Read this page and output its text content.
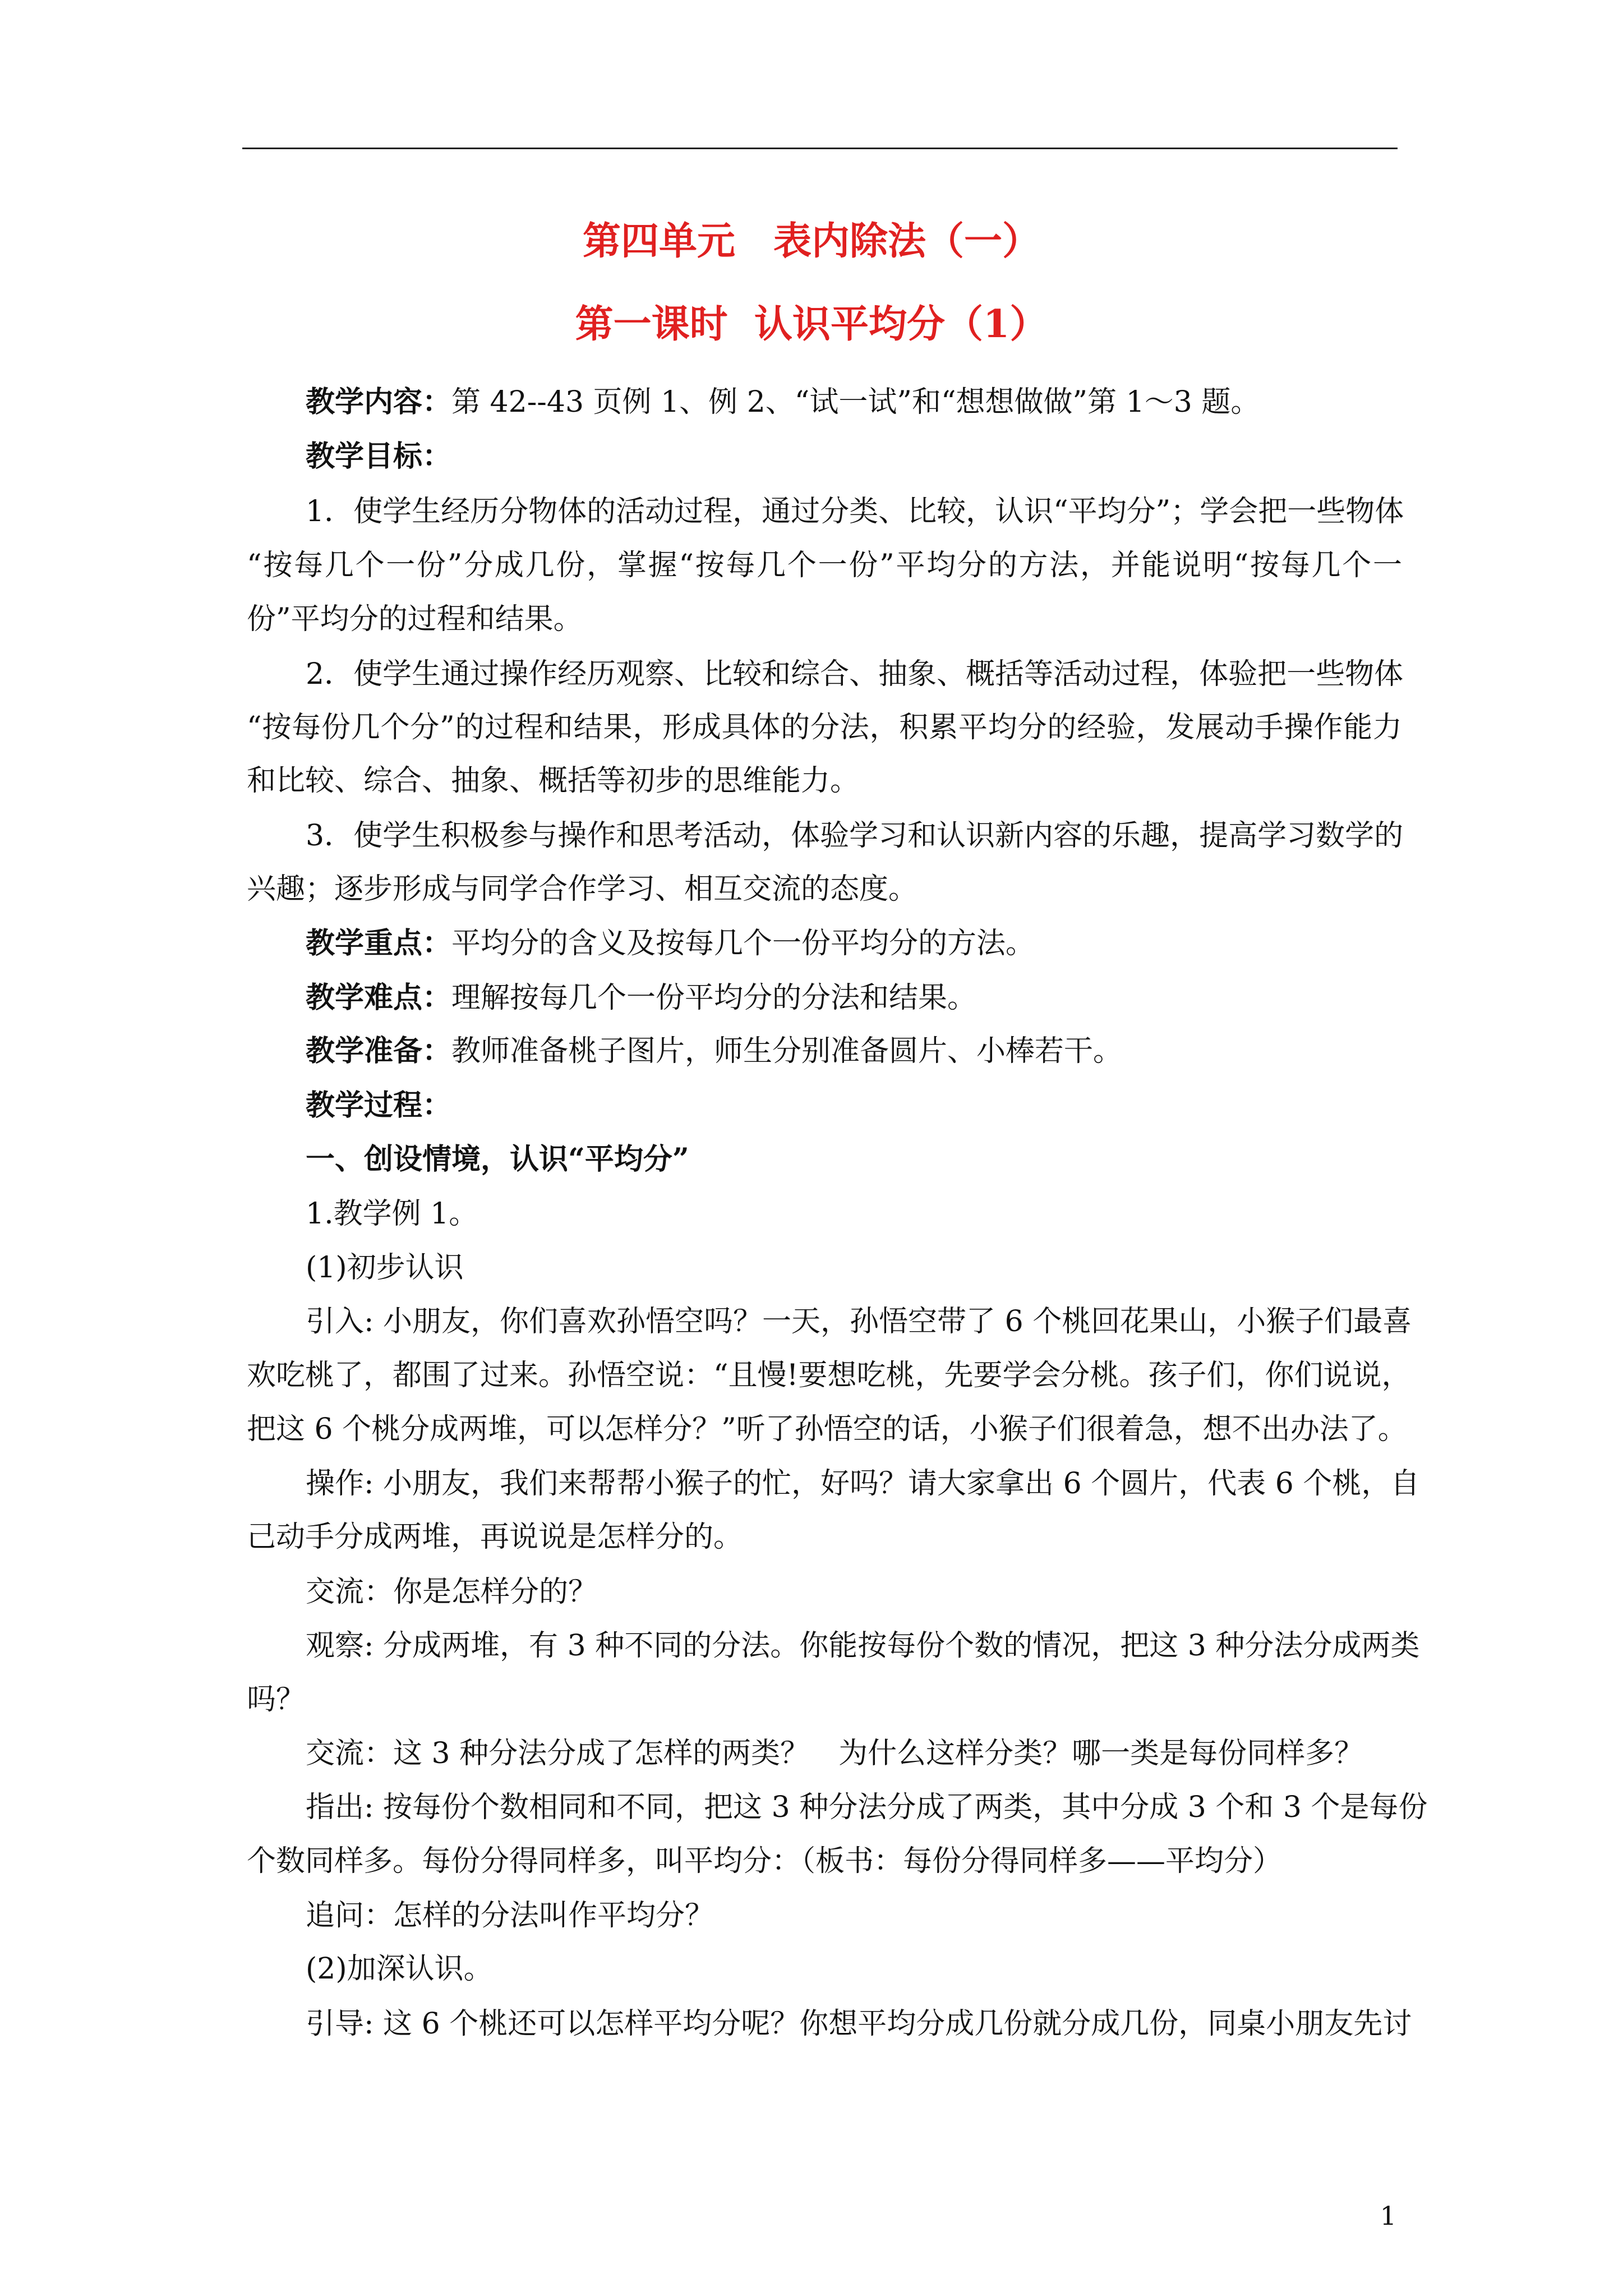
第四单元　表内除法（一）
第一课时  认识平均分（1）
教学内容：第 42--43 页例 1、例 2、“试一试”和“想想做做”第 1～3 题。
教学目标：
1．使学生经历分物体的活动过程，通过分类、比较，认识“平均分”；学会把一些物体
“按每几个一份”分成几份，掌握“按每几个一份”平均分的方法，并能说明“按每几个一
份”平均分的过程和结果。
2．使学生通过操作经历观察、比较和综合、抽象、概括等活动过程，体验把一些物体
“按每份几个分”的过程和结果，形成具体的分法，积累平均分的经验，发展动手操作能力
和比较、综合、抽象、概括等初步的思维能力。
3．使学生积极参与操作和思考活动，体验学习和认识新内容的乐趣，提高学习数学的
兴趣；逐步形成与同学合作学习、相互交流的态度。
教学重点：平均分的含义及按每几个一份平均分的方法。
教学难点：理解按每几个一份平均分的分法和结果。
教学准备：教师准备桃子图片，师生分别准备圆片、小棒若干。
教学过程：
一、创设情境，认识“平均分”
1.教学例 1。
(1)初步认识
引入: 小朋友，你们喜欢孙悟空吗？一天，孙悟空带了 6 个桃回花果山，小猴子们最喜
欢吃桃了，都围了过来。孙悟空说：“且慢!要想吃桃，先要学会分桃。孩子们，你们说说，
把这 6 个桃分成两堆，可以怎样分？”听了孙悟空的话，小猴子们很着急，想不出办法了。
操作: 小朋友，我们来帮帮小猴子的忙，好吗？请大家拿出 6 个圆片，代表 6 个桃，自
己动手分成两堆，再说说是怎样分的。
交流：你是怎样分的？
观察: 分成两堆，有 3 种不同的分法。你能按每份个数的情况，把这 3 种分法分成两类
吗？
交流：这 3 种分法分成了怎样的两类？　为什么这样分类？哪一类是每份同样多？
指出: 按每份个数相同和不同，把这 3 种分法分成了两类，其中分成 3 个和 3 个是每份
个数同样多。每份分得同样多，叫平均分：（板书：每份分得同样多——平均分）
追问：怎样的分法叫作平均分？
(2)加深认识。
引导: 这 6 个桃还可以怎样平均分呢？你想平均分成几份就分成几份，同桌小朋友先讨
1
